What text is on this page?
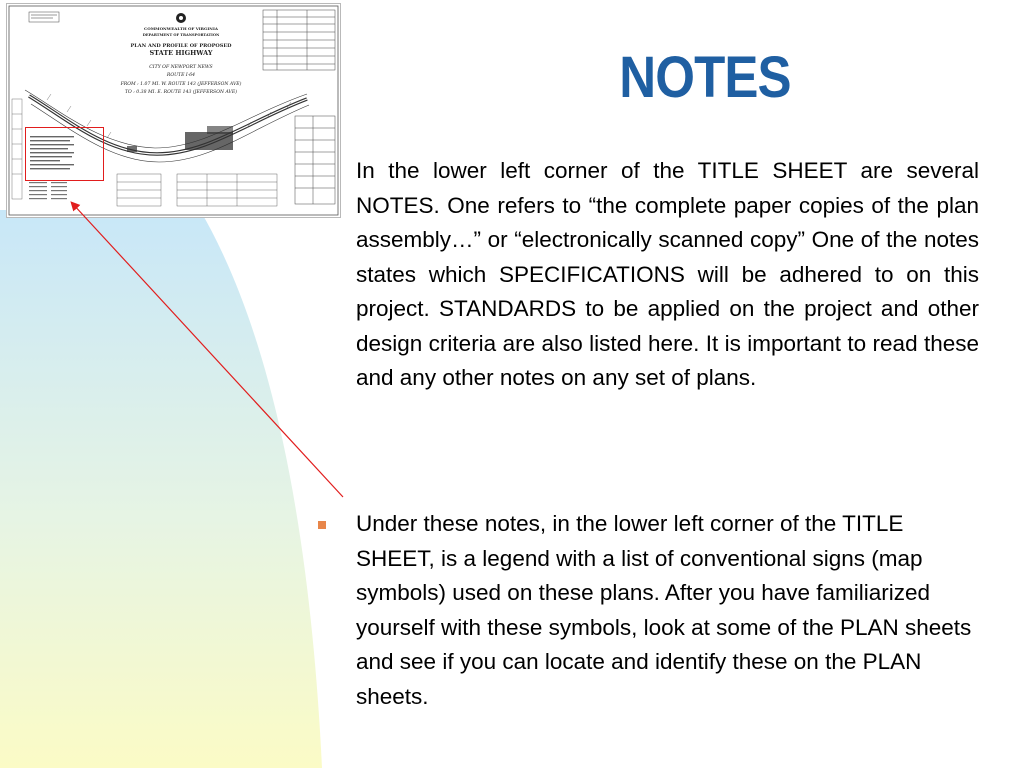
COMMONWEALTH OF VIRGINIA
DEPARTMENT OF TRANSPORTATION
PLAN AND PROFILE OF PROPOSED
STATE HIGHWAY
CITY OF NEWPORT NEWS
ROUTE I-64
FROM : 1.07 MI. W. ROUTE 143 (JEFFERSON AVE)
TO : 0.38 MI. E. ROUTE 143 (JEFFERSON AVE)	NOTES
In the lower left corner of the TITLE SHEET are several NOTES. One refers to “the complete paper copies of the plan assembly…” or “electronically scanned copy” One of the notes states which SPECIFICATIONS will be adhered to on this project. STANDARDS to be applied on the project and other design criteria are also listed here. It is important to read these and any other notes on any set of plans.
Under these notes, in the lower left corner of the TITLE SHEET, is a legend with a list of conventional signs (map symbols) used on these plans. After you have familiarized yourself with these symbols, look at some of the PLAN sheets and see if you can locate and identify these on the PLAN sheets.
